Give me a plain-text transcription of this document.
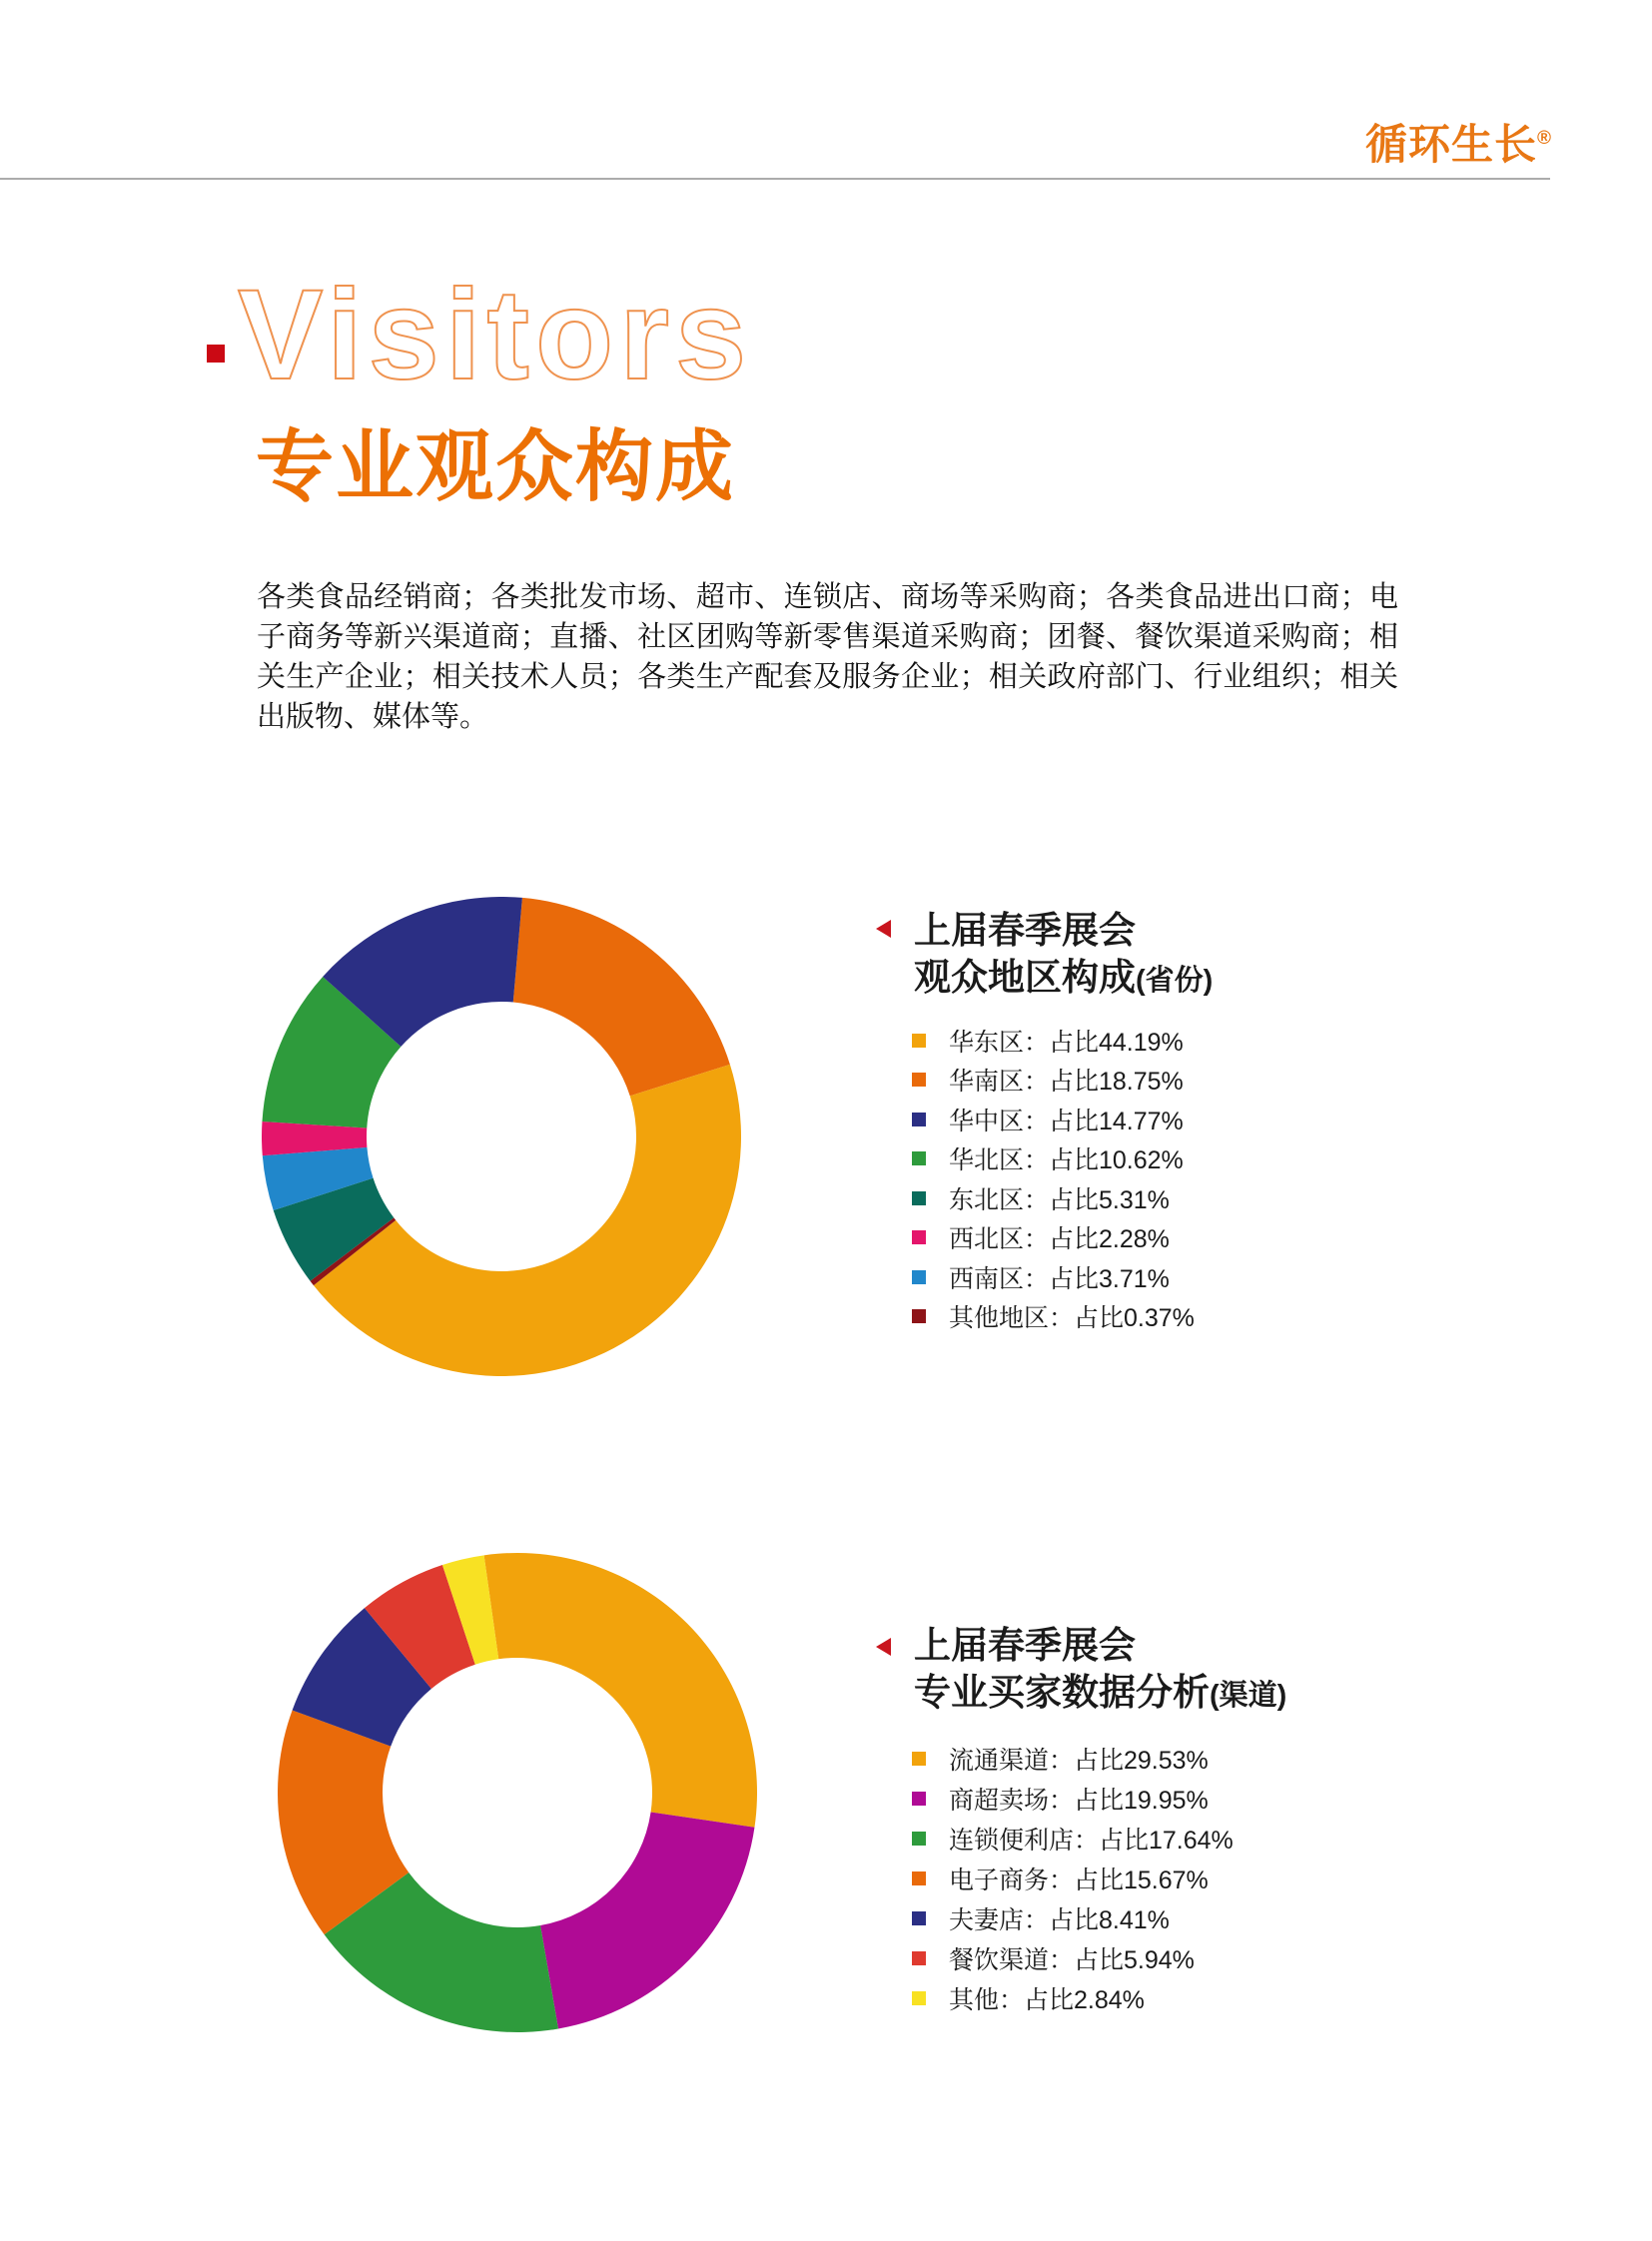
循环生长®
Visitors
专业观众构成
各类食品经销商；各类批发市场、超市、连锁店、商场等采购商；各类食品进出口商；电子商务等新兴渠道商；直播、社区团购等新零售渠道采购商；团餐、餐饮渠道采购商；相关生产企业；相关技术人员；各类生产配套及服务企业；相关政府部门、行业组织；相关出版物、媒体等。
上届春季展会
观众地区构成(省份)
华东区：占比44.19%
华南区：占比18.75%
华中区：占比14.77%
华北区：占比10.62%
东北区：占比5.31%
西北区：占比2.28%
西南区：占比3.71%
其他地区：占比0.37%
上届春季展会
专业买家数据分析(渠道)
流通渠道：占比29.53%
商超卖场：占比19.95%
连锁便利店：占比17.64%
电子商务：占比15.67%
夫妻店：占比8.41%
餐饮渠道：占比5.94%
其他：占比2.84%
